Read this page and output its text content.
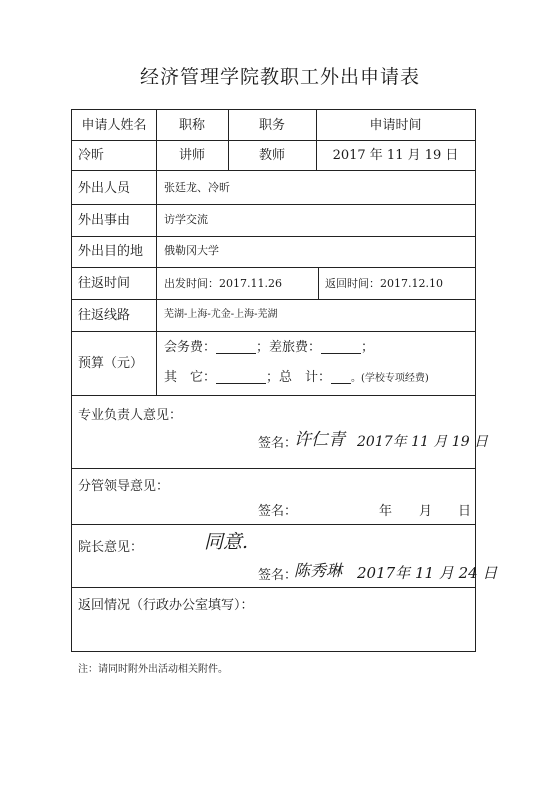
经济管理学院教职工外出申请表
申请人姓名	职称	职务	申请时间
冷昕	讲师	教师	2017 年 11 月 19 日
外出人员	张廷龙、冷昕
外出事由	访学交流
外出目的地 俄勒冈大学
往返时间	出发时间：2017.11.26	返回时间：2017.12.10
往返线路	芜湖-上海-尤金-上海-芜湖
预算（元）
会务费：	；差旅费：	；
其　它：	；总　计： 。(学校专项经费)
专业负责人意见：
签名：
许仁青 2017年 11 月 19 日
分管领导意见：
签名：	年 月 日
院长意见：	同意.
签名：
陈秀琳 2017年 11 月 24 日
返回情况（行政办公室填写）：
注：请同时附外出活动相关附件。
